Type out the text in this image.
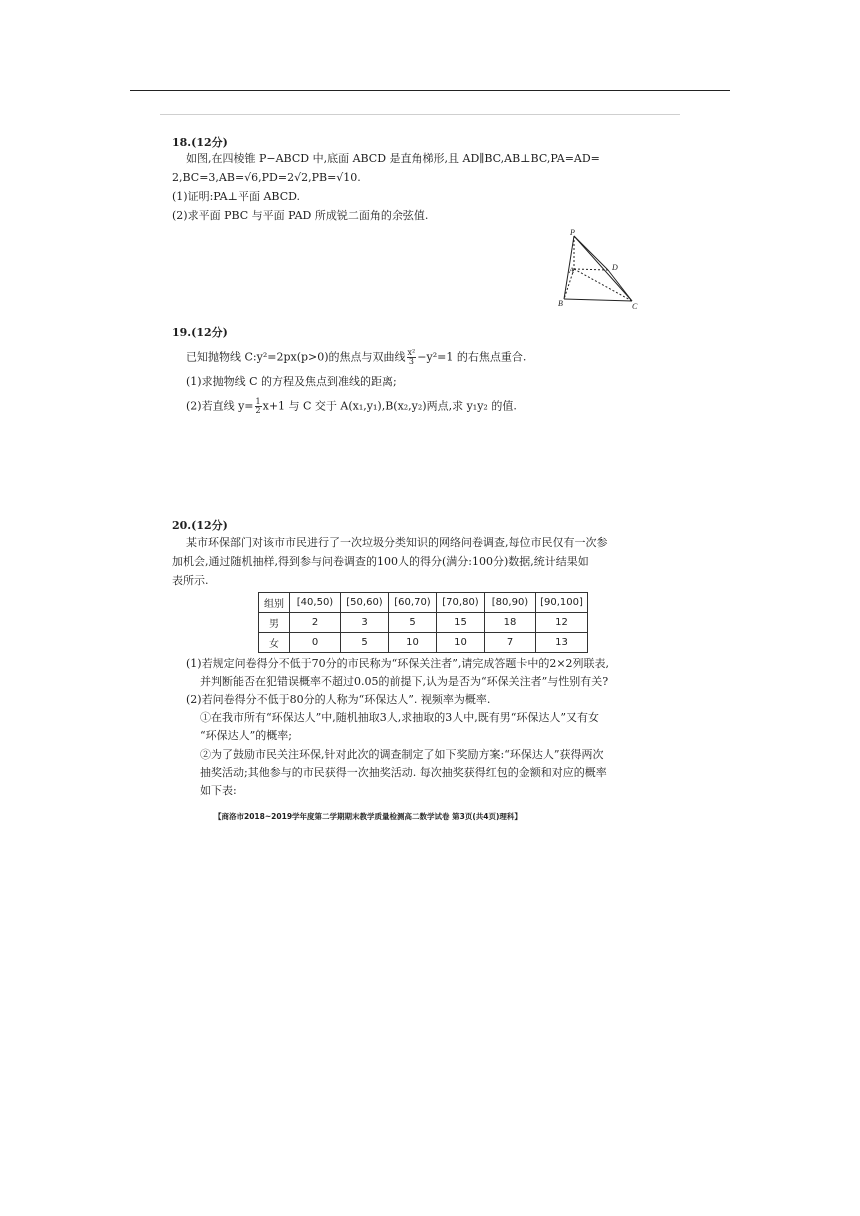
18.(12分)
如图,在四棱锥 P−ABCD 中,底面 ABCD 是直角梯形,且 AD∥BC,AB⊥BC,PA=AD=
2,BC=3,AB=√6,PD=2√2,PB=√10.
(1)证明:PA⊥平面 ABCD.
(2)求平面 PBC 与平面 PAD 所成锐二面角的余弦值.
P
A	D
B	C
19.(12分)
已知抛物线 C:y²=2px(p>0)的焦点与双曲线 $\frac{\text{x²}}{3} -y^2=1$ 的右焦点重合.
(1)求抛物线 C 的方程及焦点到准线的距离;
(2)若直线 $y= \frac{1}{2} x+1$ 与 C 交于 A(x₁,y₁),B(x₂,y₂)两点,求 y₁y₂ 的值.
20.(12分)
某市环保部门对该市市民进行了一次垃圾分类知识的网络问卷调查,每位市民仅有一次参
加机会,通过随机抽样,得到参与问卷调查的100人的得分(满分:100分)数据,统计结果如
表所示.
组别	[40,50)	[50,60)	[60,70)	[70,80)	[80,90)	[90,100]
男	2	3	5	15	18	12
女	0	5	10	10	7	13
(1)若规定问卷得分不低于70分的市民称为“环保关注者”,请完成答题卡中的2×2列联表,
并判断能否在犯错误概率不超过0.05的前提下,认为是否为“环保关注者”与性别有关?
(2)若问卷得分不低于80分的人称为“环保达人”. 视频率为概率.
①在我市所有“环保达人”中,随机抽取3人,求抽取的3人中,既有男“环保达人”又有女
“环保达人”的概率;
②为了鼓励市民关注环保,针对此次的调查制定了如下奖励方案:“环保达人”获得两次
抽奖活动;其他参与的市民获得一次抽奖活动. 每次抽奖获得红包的金额和对应的概率
如下表:
【商洛市2018~2019学年度第二学期期末教学质量检测高二数学试卷 第3页(共4页)理科】
